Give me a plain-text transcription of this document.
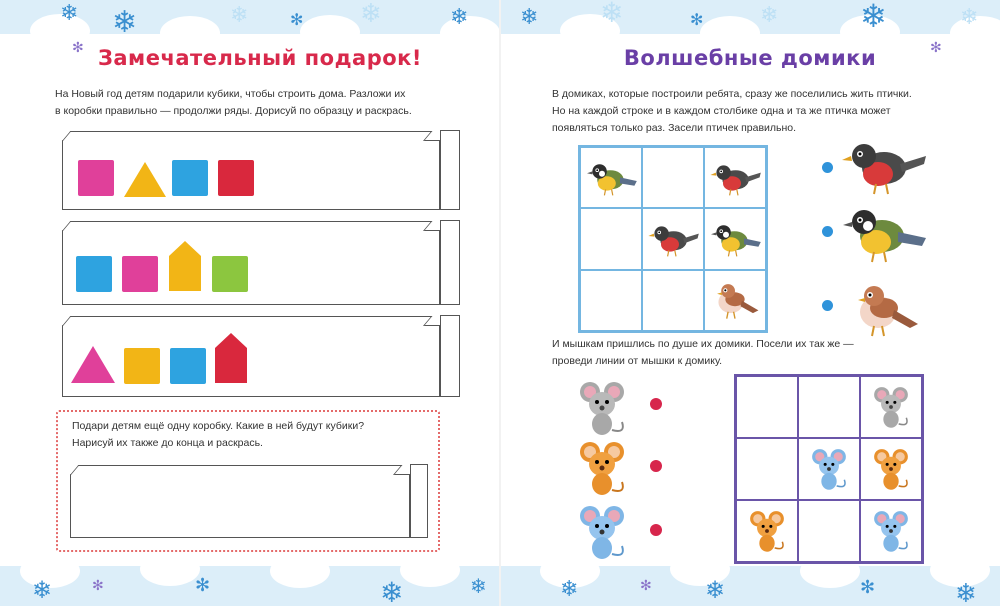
❄ ❄	❄	✻ ❄	❄ ❄ ❄	✻	❄	❄	❄
✻	✻
❄	✻	❄	❄	❄	❄	✻	❄
✻	✻
Замечательный подарок!

На Новый год детям подарили кубики, чтобы строить дома. Разложи их
в коробки правильно — продолжи ряды. Дорисуй по образцу и раскрась.

Подари детям ещё одну коробку. Какие в ней будут кубики?
Нарисуй их также до конца и раскрась.

Волшебные домики

В домиках, которые построили ребята, сразу же поселились жить птички.
Но на каждой строке и в каждом столбике одна и та же птичка может
появляться только раз. Засели птичек правильно.

И мышкам пришлись по душе их домики. Посели их так же —
проведи линии от мышки к домику.
